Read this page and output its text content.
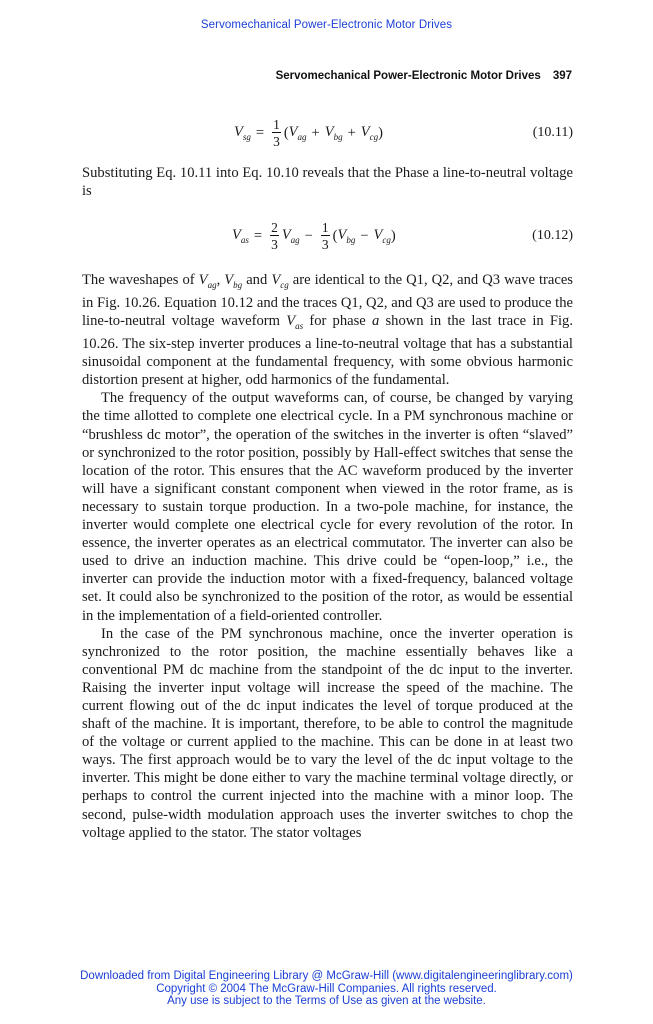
Servomechanical Power-Electronic Motor Drives
Servomechanical Power-Electronic Motor Drives 397
$V_{sg} = \frac{1}{3}$ ( $V_{ag} + V_{bg} + V_{cg}$ )	(10.11)

Substituting Eq. 10.11 into Eq. 10.10 reveals that the Phase a line-to-neutral voltage is

$V_{as} = \frac{2}{3} V_{ag} - \frac{1}{3}$ ( $V_{bg} - V_{cg}$ )	(10.12)

The waveshapes of $V_{ag}$, $V_{bg}$ and $V_{cg}$ are identical to the Q1, Q2, and Q3 wave traces in Fig. 10.26. Equation 10.12 and the traces Q1, Q2, and Q3 are used to produce the line-to-neutral voltage waveform $V_{as}$ for phase a shown in the last trace in Fig. 10.26. The six-step inverter produces a line-to-neutral voltage that has a substantial sinusoidal component at the fundamental frequency, with some obvious harmonic distortion present at higher, odd harmonics of the fundamental.

The frequency of the output waveforms can, of course, be changed by varying the time allotted to complete one electrical cycle. In a PM synchronous machine or “brushless dc motor”, the operation of the switches in the inverter is often “slaved” or synchronized to the rotor position, possibly by Hall-effect switches that sense the location of the rotor. This ensures that the AC waveform produced by the inverter will have a significant constant component when viewed in the rotor frame, as is necessary to sustain torque production. In a two-pole machine, for instance, the inverter would complete one electrical cycle for every revolution of the rotor. In essence, the inverter operates as an electrical commutator. The inverter can also be used to drive an induction machine. This drive could be “open-loop,” i.e., the inverter can provide the induction motor with a fixed-frequency, balanced voltage set. It could also be synchronized to the position of the rotor, as would be essential in the implementation of a field-oriented controller.

In the case of the PM synchronous machine, once the inverter operation is synchronized to the rotor position, the machine essentially behaves like a conventional PM dc machine from the standpoint of the dc input to the inverter. Raising the inverter input voltage will increase the speed of the machine. The current flowing out of the dc input indicates the level of torque produced at the shaft of the machine. It is important, therefore, to be able to control the magnitude of the voltage or current applied to the machine. This can be done in at least two ways. The first approach would be to vary the level of the dc input voltage to the inverter. This might be done either to vary the machine terminal voltage directly, or perhaps to control the current injected into the machine with a minor loop. The second, pulse-width modulation approach uses the inverter switches to chop the voltage applied to the stator. The stator voltages

Downloaded from Digital Engineering Library @ McGraw-Hill (www.digitalengineeringlibrary.com)
Copyright © 2004 The McGraw-Hill Companies. All rights reserved.
Any use is subject to the Terms of Use as given at the website.
